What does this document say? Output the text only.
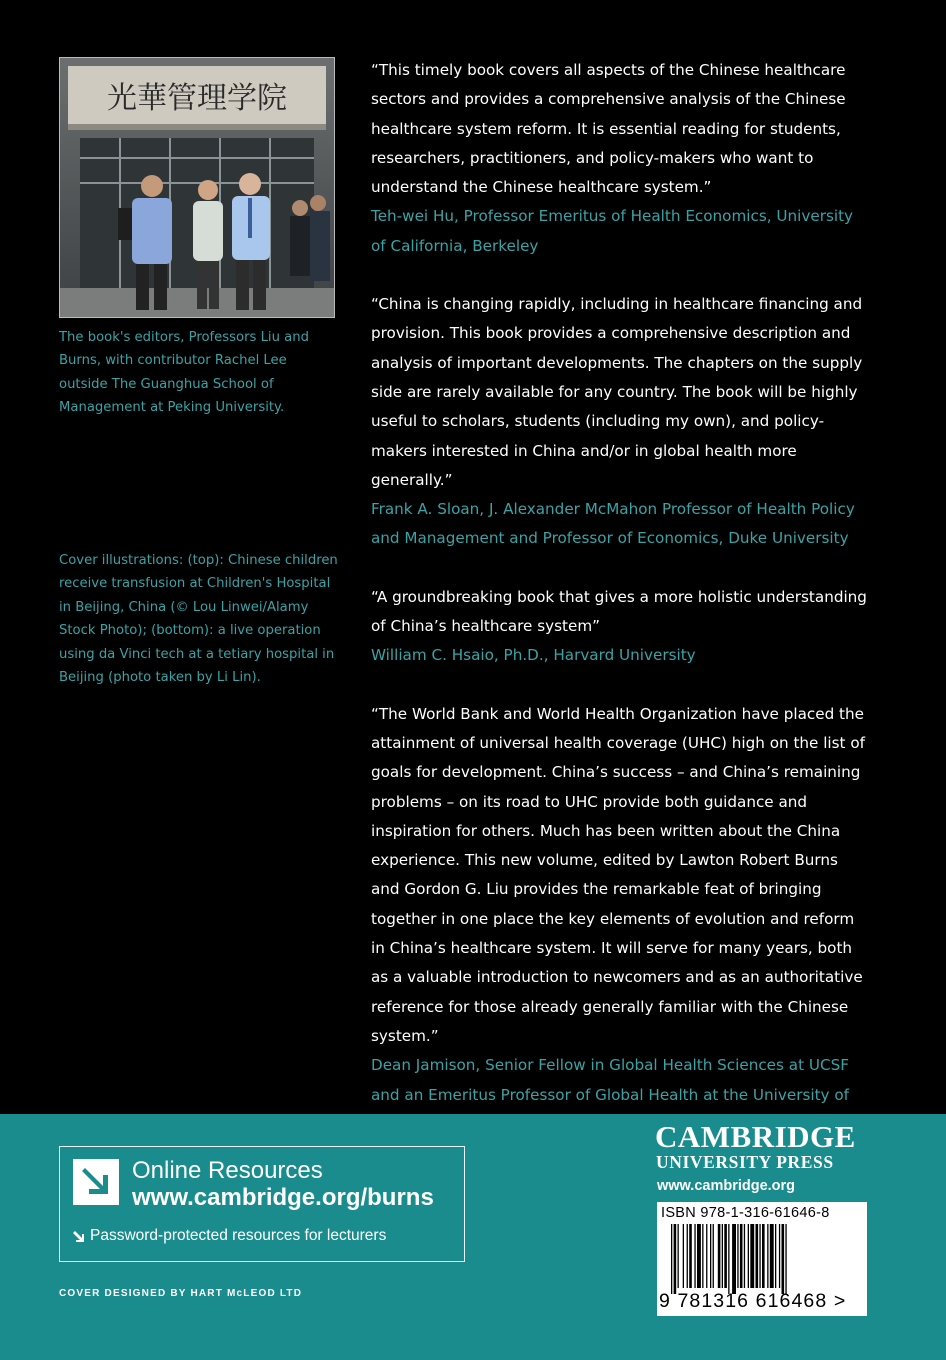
光華管理学院

The book's editors, Professors Liu and Burns, with contributor Rachel Lee outside The Guanghua School of Management at Peking University.

Cover illustrations: (top): Chinese children receive transfusion at Children's Hospital in Beijing, China (© Lou Linwei/Alamy Stock Photo); (bottom): a live operation using da Vinci tech at a tetiary hospital in Beijing (photo taken by Li Lin).

“This timely book covers all aspects of the Chinese healthcare sectors and provides a comprehensive analysis of the Chinese healthcare system reform. It is essential reading for students, researchers, practitioners, and policy-makers who want to understand the Chinese healthcare system.”

Teh-wei Hu, Professor Emeritus of Health Economics, University of California, Berkeley

“China is changing rapidly, including in healthcare financing and provision. This book provides a comprehensive description and analysis of important developments. The chapters on the supply side are rarely available for any country. The book will be highly useful to scholars, students (including my own), and policy-makers interested in China and/or in global health more generally.”

Frank A. Sloan, J. Alexander McMahon Professor of Health Policy and Management and Professor of Economics, Duke University

“A groundbreaking book that gives a more holistic understanding of China’s healthcare system”

William C. Hsaio, Ph.D., Harvard University

“The World Bank and World Health Organization have placed the attainment of universal health coverage (UHC) high on the list of goals for development. China’s success – and China’s remaining problems – on its road to UHC provide both guidance and inspiration for others. Much has been written about the China experience. This new volume, edited by Lawton Robert Burns and Gordon G. Liu provides the remarkable feat of bringing together in one place the key elements of evolution and reform in China’s healthcare system. It will serve for many years, both as a valuable introduction to newcomers and as an authoritative reference for those already generally familiar with the Chinese system.”

Dean Jamison, Senior Fellow in Global Health Sciences at UCSF and an Emeritus Professor of Global Health at the University of

Online Resources
www.cambridge.org/burns
Password-protected resources for lecturers
COVER DESIGNED BY HART McLEOD LTD
CAMBRIDGE
UNIVERSITY PRESS
www.cambridge.org
ISBN 978-1-316-61646-8
9 781316 616468 >
